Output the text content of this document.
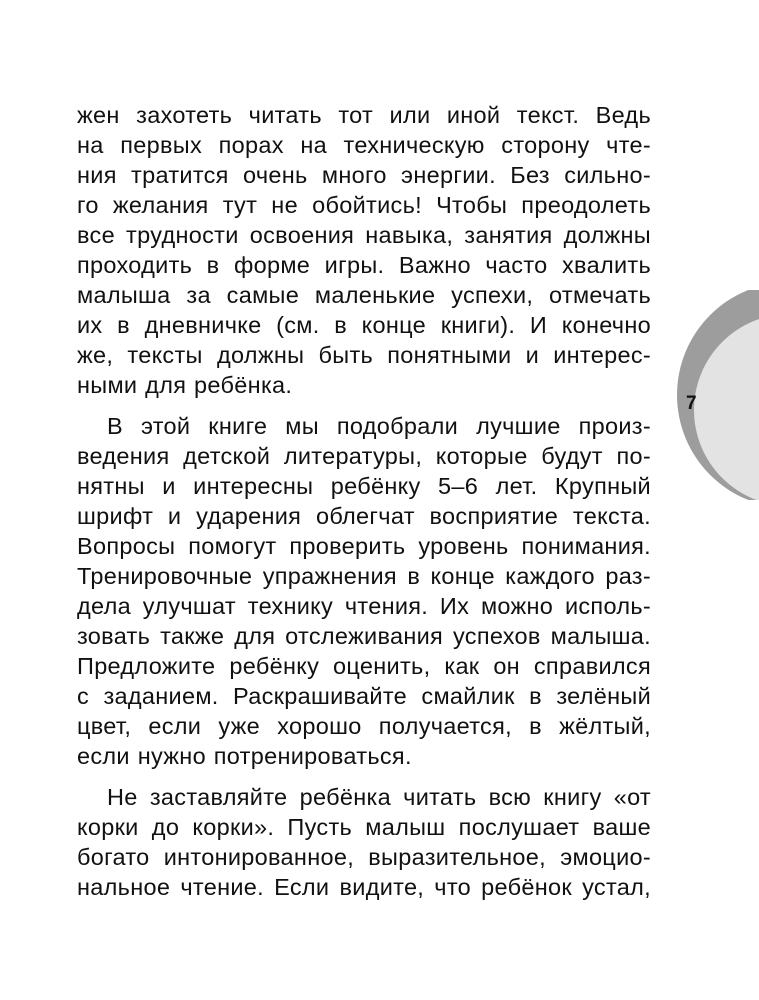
7
жен захотеть читать тот или иной текст. Ведь
на первых порах на техническую сторону чте-
ния тратится очень много энергии. Без сильно-
го желания тут не обойтись! Чтобы преодолеть
все трудности освоения навыка, занятия должны
проходить в форме игры. Важно часто хвалить
малыша за самые маленькие успехи, отмечать
их в дневничке (см. в конце книги). И конечно
же, тексты должны быть понятными и интерес-
ными для ребёнка.
В этой книге мы подобрали лучшие произ-
ведения детской литературы, которые будут по-
нятны и интересны ребёнку 5–6 лет. Крупный
шрифт и ударения облегчат восприятие текста.
Вопросы помогут проверить уровень понимания.
Тренировочные упражнения в конце каждого раз-
дела улучшат технику чтения. Их можно исполь-
зовать также для отслеживания успехов малыша.
Предложите ребёнку оценить, как он справился
с заданием. Раскрашивайте смайлик в зелёный
цвет, если уже хорошо получается, в жёлтый,
если нужно потренироваться.
Не заставляйте ребёнка читать всю книгу «от
корки до корки». Пусть малыш послушает ваше
богато интонированное, выразительное, эмоцио-
нальное чтение. Если видите, что ребёнок устал,
